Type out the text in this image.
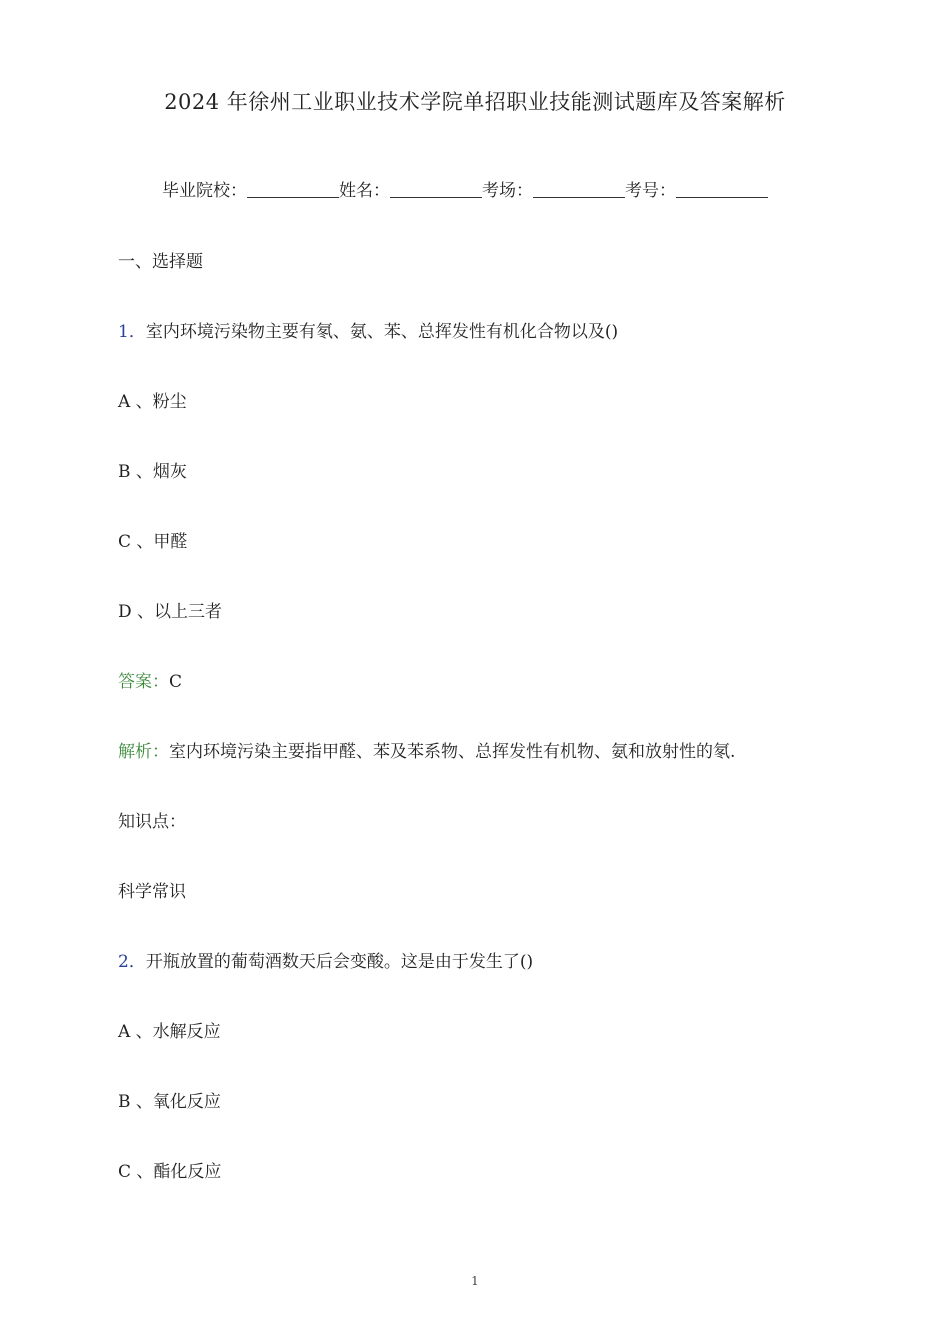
2024 年徐州工业职业技术学院单招职业技能测试题库及答案解析
毕业院校：	姓名：	考场：	考号：
一、选择题
1．室内环境污染物主要有氡、氨、苯、总挥发性有机化合物以及()
A 、粉尘
B 、烟灰
C 、甲醛
D 、以上三者
答案：C
解析：室内环境污染主要指甲醛、苯及苯系物、总挥发性有机物、氨和放射性的氡.
知识点：
科学常识
2．开瓶放置的葡萄酒数天后会变酸。这是由于发生了()
A 、水解反应
B 、氧化反应
C 、酯化反应
1
